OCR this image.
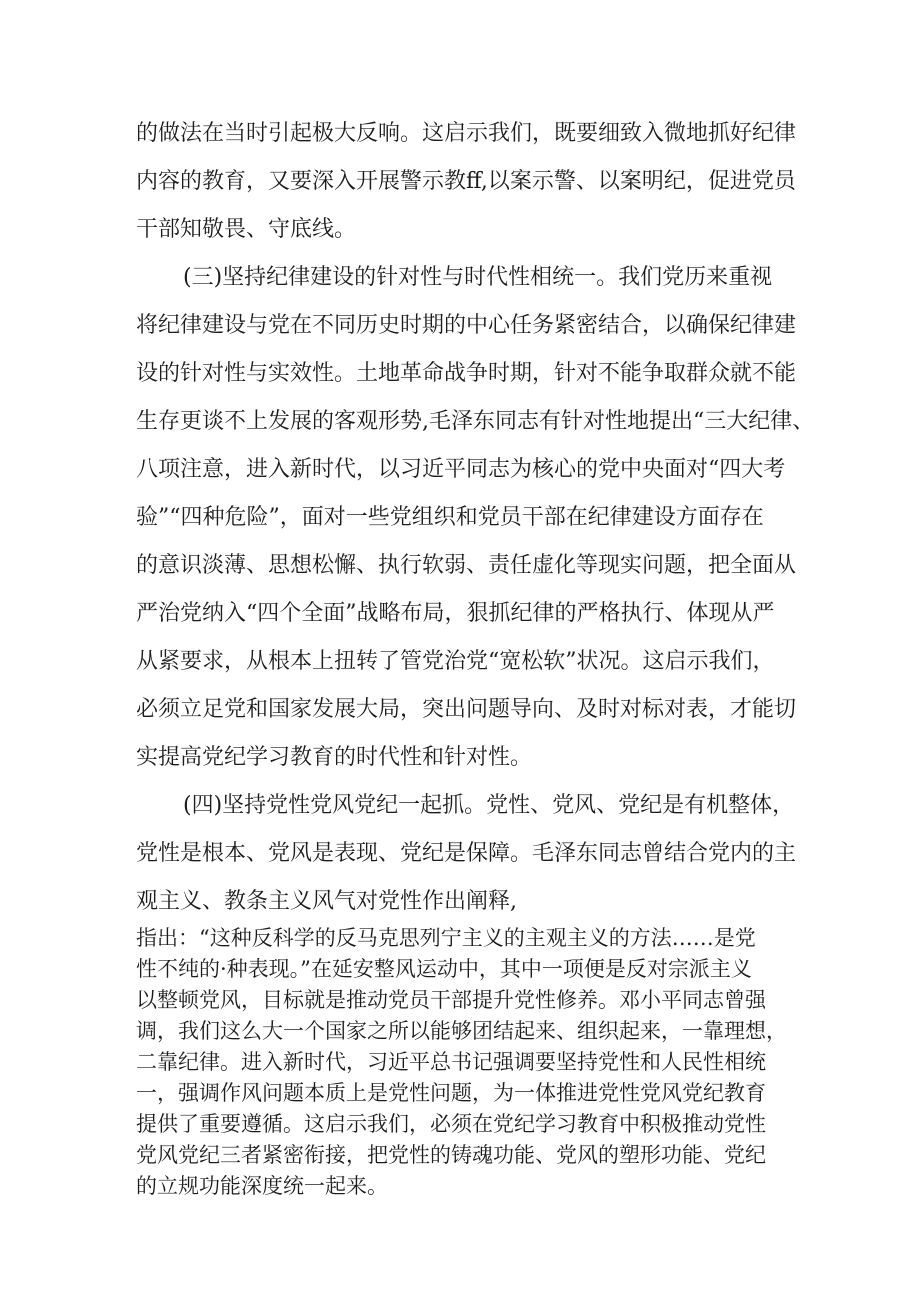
的做法在当时引起极大反响。这启示我们，既要细致入微地抓好纪律
内容的教育，又要深入开展警示教ff,以案示警、以案明纪，促进党员
干部知敬畏、守底线。
(三)坚持纪律建设的针对性与时代性相统一。我们党历来重视
将纪律建设与党在不同历史时期的中心任务紧密结合，以确保纪律建
设的针对性与实效性。土地革命战争时期，针对不能争取群众就不能
生存更谈不上发展的客观形势,毛泽东同志有针对性地提出“三大纪律、
八项注意，进入新时代，以习近平同志为核心的党中央面对“四大考
验”“四种危险”，面对一些党组织和党员干部在纪律建设方面存在
的意识淡薄、思想松懈、执行软弱、责任虚化等现实问题，把全面从
严治党纳入“四个全面”战略布局，狠抓纪律的严格执行、体现从严
从紧要求，从根本上扭转了管党治党“宽松软”状况。这启示我们，
必须立足党和国家发展大局，突出问题导向、及时对标对表，才能切
实提高党纪学习教育的时代性和针对性。
(四)坚持党性党风党纪一起抓。党性、党风、党纪是有机整体，
党性是根本、党风是表现、党纪是保障。毛泽东同志曾结合党内的主
观主义、教条主义风气对党性作出阐释,
指出：“这种反科学的反马克思列宁主义的主观主义的方法……是党
性不纯的·种表现。”在延安整风运动中，其中一项便是反对宗派主义
以整顿党风，目标就是推动党员干部提升党性修养。邓小平同志曾强
调，我们这么大一个国家之所以能够团结起来、组织起来，一靠理想，
二靠纪律。进入新时代，习近平总书记强调要坚持党性和人民性相统
一，强调作风问题本质上是党性问题，为一体推进党性党风党纪教育
提供了重要遵循。这启示我们，必须在党纪学习教育中积极推动党性
党风党纪三者紧密衔接，把党性的铸魂功能、党风的塑形功能、党纪
的立规功能深度统一起来。
